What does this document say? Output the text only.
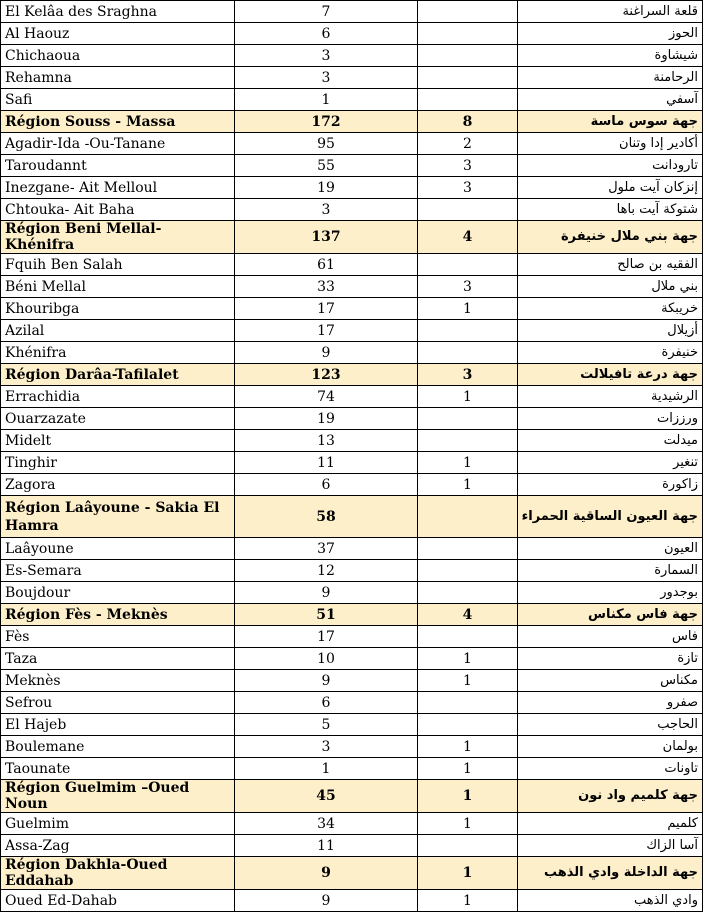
El Kelâa des Sraghna	7		قلعة السراغنة
Al Haouz	6		الحوز
Chichaoua	3		شيشاوة
Rehamna	3		الرحامنة
Safi	1		آسفي
Région Souss - Massa	172	8	جهة سوس ماسة
Agadir-Ida -Ou-Tanane	95	2	أكادير إدا وتنان
Taroudannt	55	3	تارودانت
Inezgane- Ait Melloul	19	3	إنزكان آيت ملول
Chtouka- Ait Baha	3		شتوكة آيت باها
Région Beni Mellal- Khénifra	137	4	جهة بني ملال خنيفرة
Fquih Ben Salah	61		الفقيه بن صالح
Béni Mellal	33	3	بني ملال
Khouribga	17	1	خريبكة
Azilal	17		أزيلال
Khénifra	9		خنيفرة
Région Darâa-Tafilalet	123	3	جهة درعة تافيلالت
Errachidia	74	1	الرشيدية
Ouarzazate	19		ورززات
Midelt	13		ميدلت
Tinghir	11	1	تنغير
Zagora	6	1	زاكورة
Région Laâyoune - Sakia El Hamra	58		جهة العيون الساقية الحمراء
Laâyoune	37		العيون
Es-Semara	12		السمارة
Boujdour	9		بوجدور
Région Fès - Meknès	51	4	جهة فاس مكناس
Fès	17		فاس
Taza	10	1	تازة
Meknès	9	1	مكناس
Sefrou	6		صفرو
El Hajeb	5		الحاجب
Boulemane	3	1	بولمان
Taounate	1	1	تاونات
Région Guelmim –Oued Noun	45	1	جهة كلميم واد نون
Guelmim	34	1	كلميم
Assa-Zag	11		آسا الزاك
Région Dakhla-Oued Eddahab	9	1	جهة الداخلة وادي الذهب
Oued Ed-Dahab	9	1	وادي الذهب
